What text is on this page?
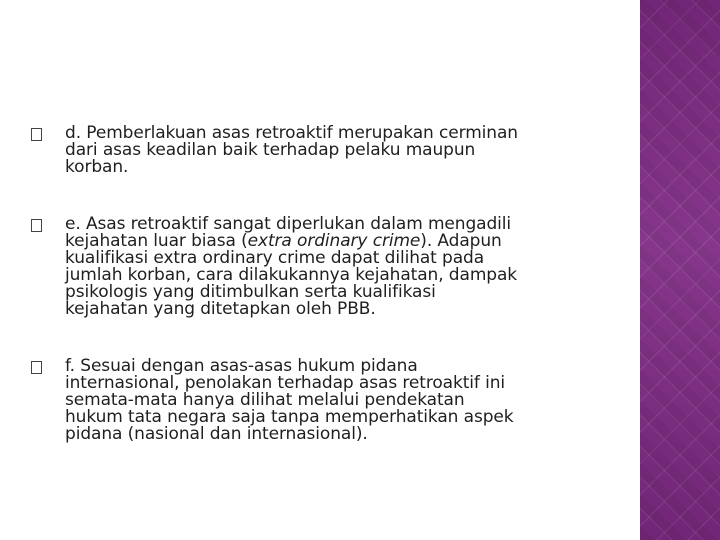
d. Pemberlakuan asas retroaktif merupakan cerminan
dari asas keadilan baik terhadap pelaku maupun
korban.
e. Asas retroaktif sangat diperlukan dalam mengadili
kejahatan luar biasa (extra ordinary crime). Adapun
kualifikasi extra ordinary crime dapat dilihat pada
jumlah korban, cara dilakukannya kejahatan, dampak
psikologis yang ditimbulkan serta kualifikasi
kejahatan yang ditetapkan oleh PBB.
f. Sesuai dengan asas-asas hukum pidana
internasional, penolakan terhadap asas retroaktif ini
semata-mata hanya dilihat melalui pendekatan
hukum tata negara saja tanpa memperhatikan aspek
pidana (nasional dan internasional).
